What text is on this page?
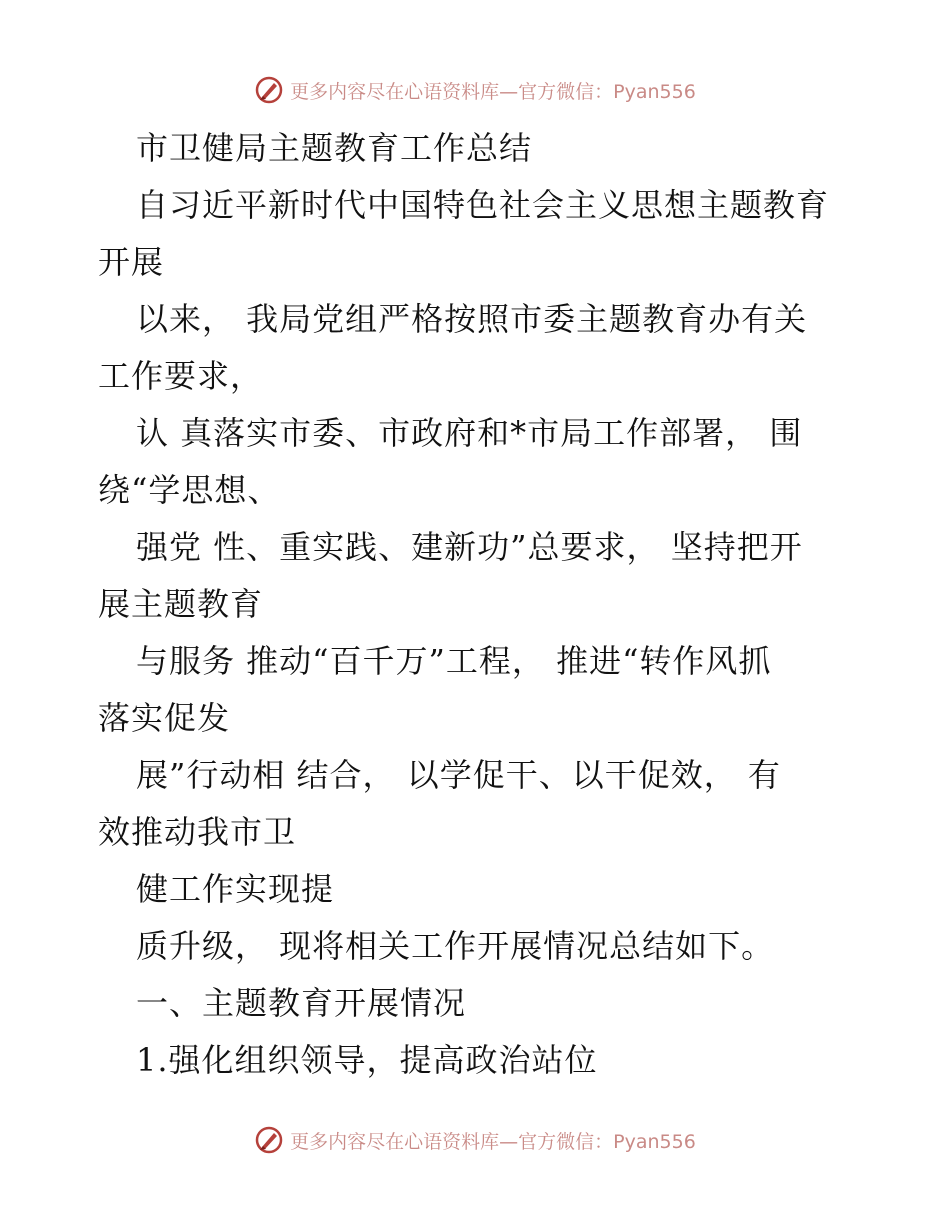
更多内容尽在心语资料库—官方微信：Pyan556
市卫健局主题教育工作总结
自习近平新时代中国特色社会主义思想主题教育
开展
以来， 我局党组严格按照市委主题教育办有关
工作要求，
认 真落实市委、市政府和*市局工作部署， 围
绕“学思想、
强党 性、重实践、建新功”总要求， 坚持把开
展主题教育
与服务 推动“百千万”工程， 推进“转作风抓
落实促发
展”行动相 结合， 以学促干、以干促效， 有
效推动我市卫
健工作实现提
质升级， 现将相关工作开展情况总结如下。
一、主题教育开展情况
1.强化组织领导，提高政治站位
更多内容尽在心语资料库—官方微信：Pyan556
